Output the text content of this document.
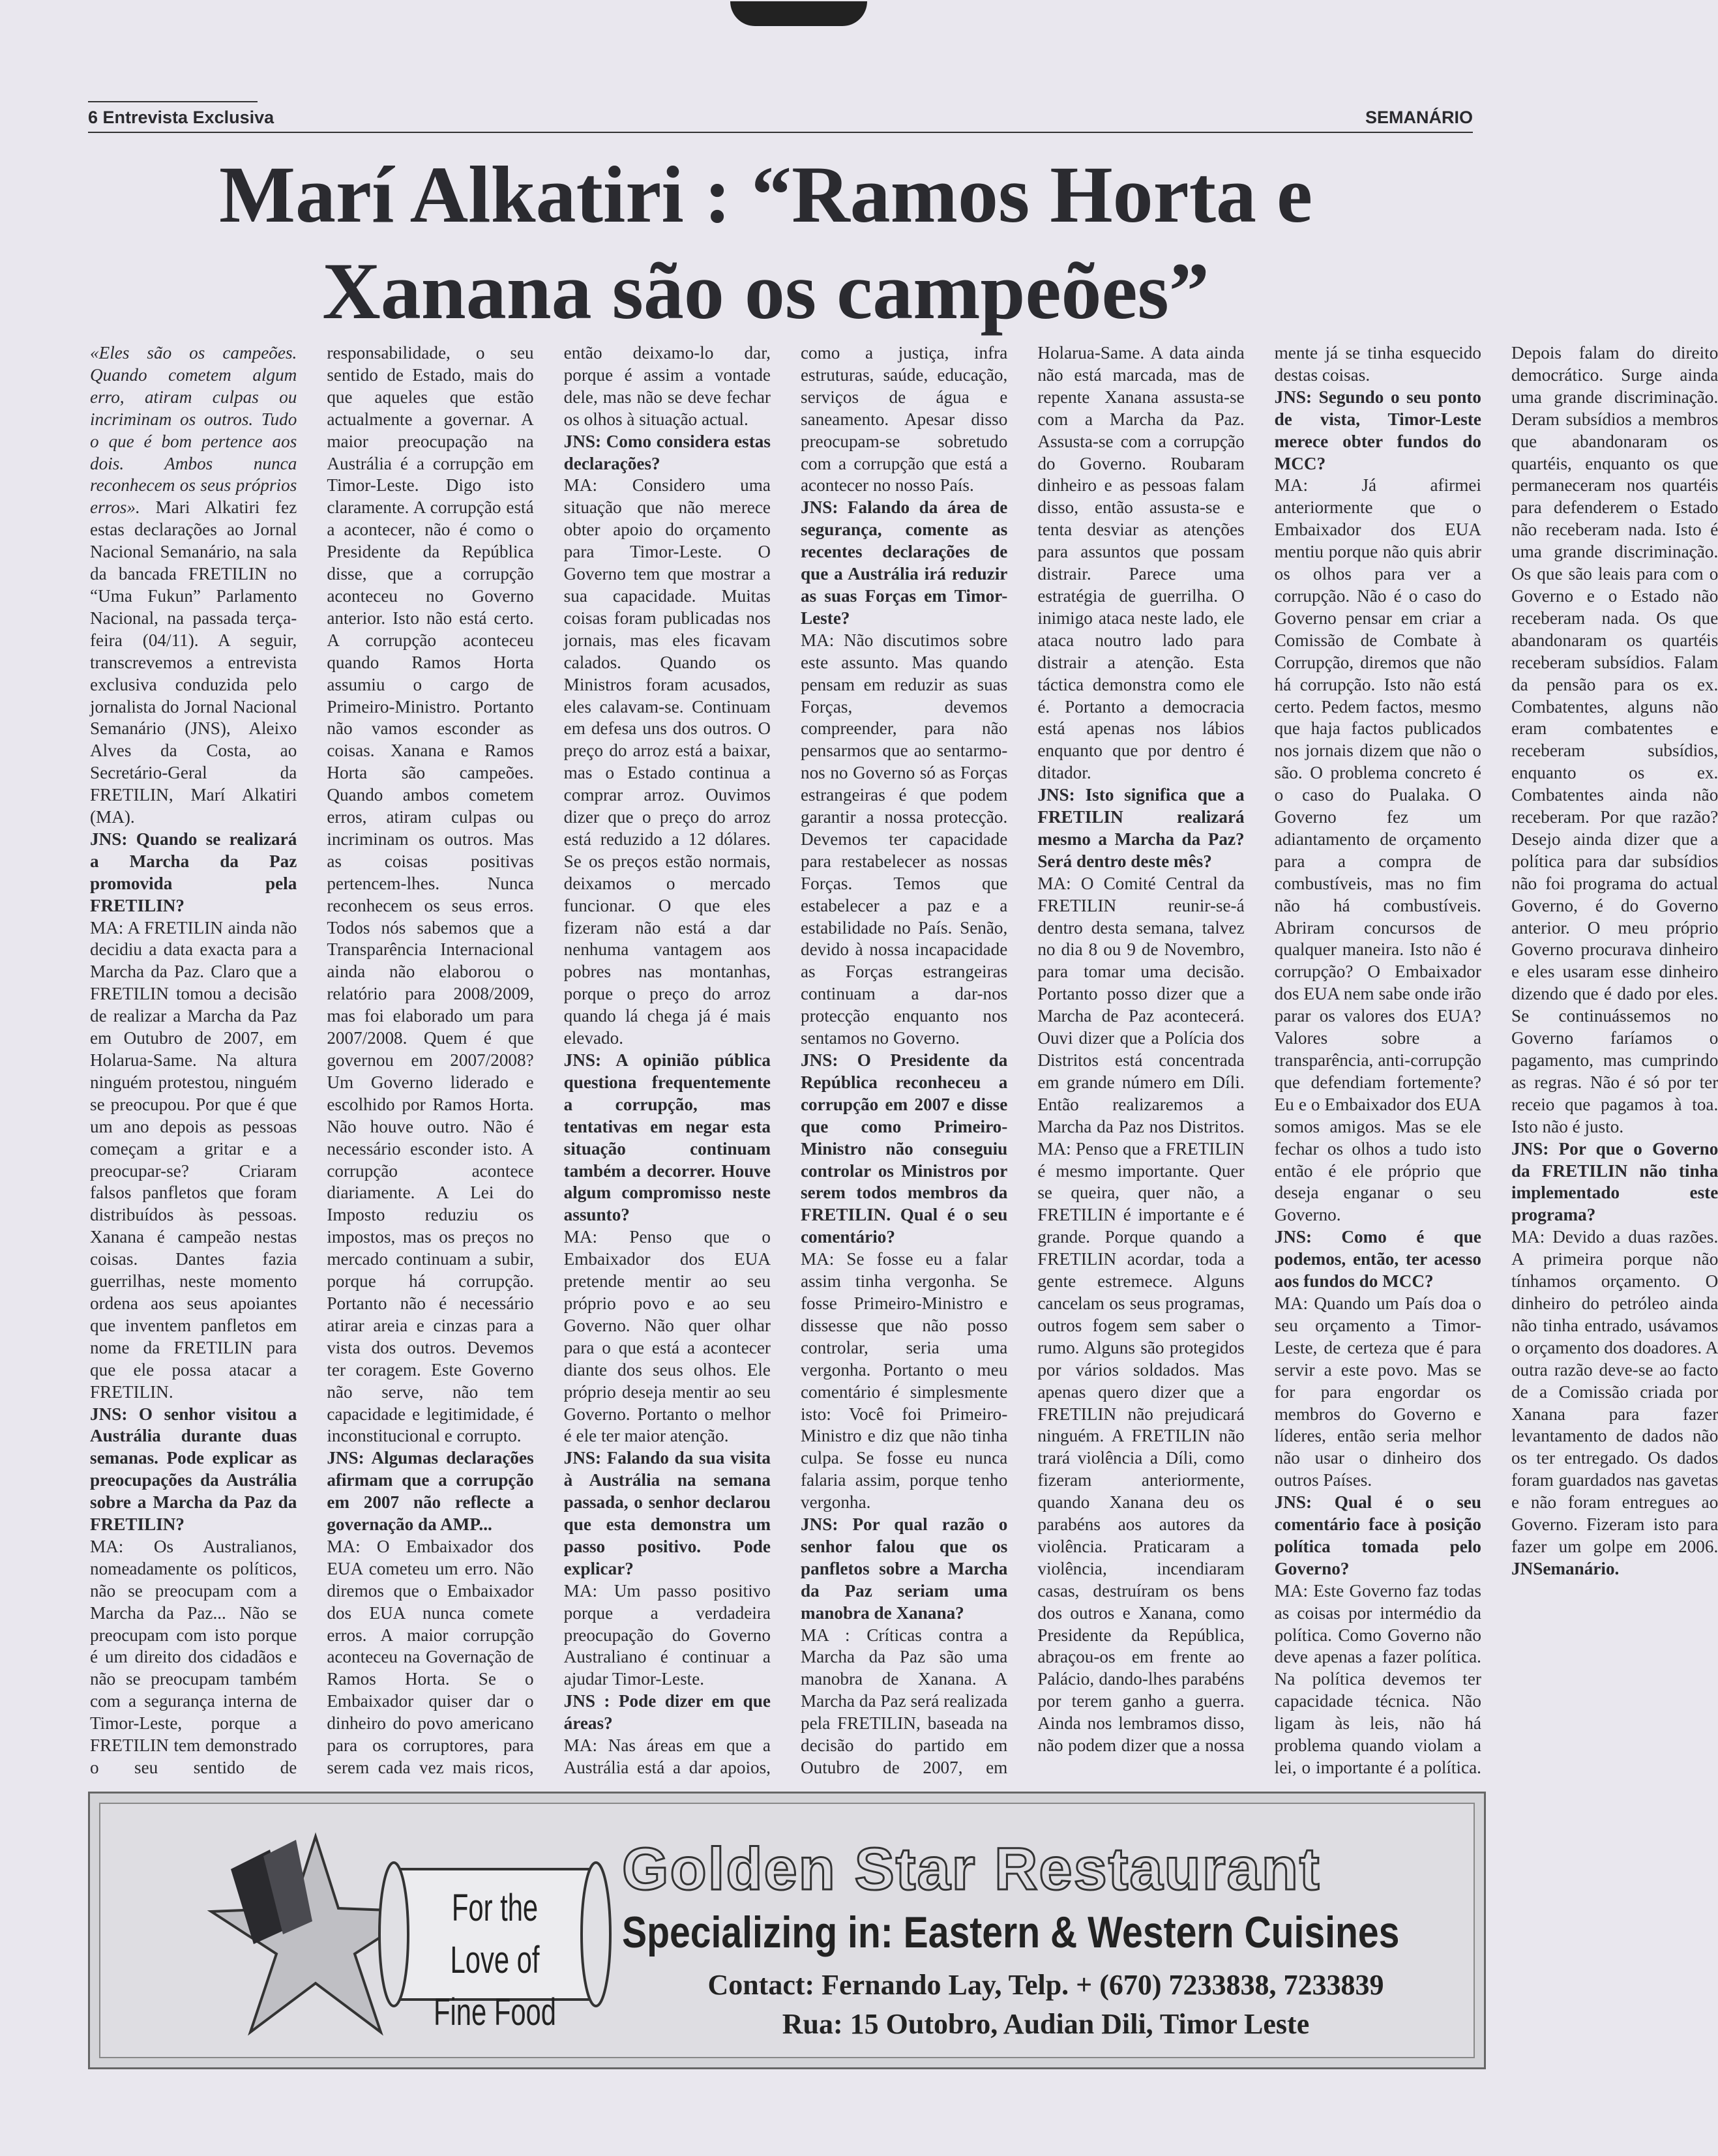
6 Entrevista Exclusiva	SEMANÁRIO
Marí Alkatiri : “Ramos Horta e
Xanana são os campeões”

«Eles são os campeões. Quando cometem algum erro, atiram culpas ou incriminam os outros. Tudo o que é bom pertence aos dois. Ambos nunca reconhecem os seus próprios erros». Mari Alkatiri fez estas declarações ao Jornal Nacional Semanário, na sala da bancada FRETILIN no “Uma Fukun” Parlamento Nacional, na passada terça-feira (04/11). A seguir, transcrevemos a entrevista exclusiva conduzida pelo jornalista do Jornal Nacional Semanário (JNS), Aleixo Alves da Costa, ao Secretário-Geral da FRETILIN, Marí Alkatiri (MA).

JNS: Quando se realizará a Marcha da Paz promovida pela FRETILIN?

MA: A FRETILIN ainda não decidiu a data exacta para a Marcha da Paz. Claro que a FRETILIN tomou a decisão de realizar a Marcha da Paz em Outubro de 2007, em Holarua-Same. Na altura ninguém protestou, ninguém se preocupou. Por que é que um ano depois as pessoas começam a gritar e a preocupar-se? Criaram falsos panfletos que foram distribuídos às pessoas. Xanana é campeão nestas coisas. Dantes fazia guerrilhas, neste momento ordena aos seus apoiantes que inventem panfletos em nome da FRETILIN para que ele possa atacar a FRETILIN.

JNS: O senhor visitou a Austrália durante duas semanas. Pode explicar as preocupações da Austrália sobre a Marcha da Paz da FRETILIN?

MA: Os Australianos, nomeadamente os políticos, não se preocupam com a Marcha da Paz... Não se preocupam com isto porque é um direito dos cidadãos e não se preocupam também com a segurança interna de Timor-Leste, porque a FRETILIN tem demonstrado o seu sentido de responsabilidade, o seu sentido de Estado, mais do que aqueles que estão actualmente a governar. A maior preocupação na Austrália é a corrupção em Timor-Leste. Digo isto claramente. A corrupção está a acontecer, não é como o Presidente da República disse, que a corrupção aconteceu no Governo anterior. Isto não está certo. A corrupção aconteceu quando Ramos Horta assumiu o cargo de Primeiro-Ministro. Portanto não vamos esconder as coisas. Xanana e Ramos Horta são campeões. Quando ambos cometem erros, atiram culpas ou incriminam os outros. Mas as coisas positivas pertencem-lhes. Nunca reconhecem os seus erros. Todos nós sabemos que a Transparência Internacional ainda não elaborou o relatório para 2008/2009, mas foi elaborado um para 2007/2008. Quem é que governou em 2007/2008? Um Governo liderado e escolhido por Ramos Horta. Não houve outro. Não é necessário esconder isto. A corrupção acontece diariamente. A Lei do Imposto reduziu os impostos, mas os preços no mercado continuam a subir, porque há corrupção. Portanto não é necessário atirar areia e cinzas para a vista dos outros. Devemos ter coragem. Este Governo não serve, não tem capacidade e legitimidade, é inconstitucional e corrupto.

JNS: Algumas declarações afirmam que a corrupção em 2007 não reflecte a governação da AMP...

MA: O Embaixador dos EUA cometeu um erro. Não diremos que o Embaixador dos EUA nunca comete erros. A maior corrupção aconteceu na Governação de Ramos Horta. Se o Embaixador quiser dar o dinheiro do povo americano para os corruptores, para serem cada vez mais ricos, então deixamo-lo dar, porque é assim a vontade dele, mas não se deve fechar os olhos à situação actual.

JNS: Como considera estas declarações?

MA: Considero uma situação que não merece obter apoio do orçamento para Timor-Leste. O Governo tem que mostrar a sua capacidade. Muitas coisas foram publicadas nos jornais, mas eles ficavam calados. Quando os Ministros foram acusados, eles calavam-se. Continuam em defesa uns dos outros. O preço do arroz está a baixar, mas o Estado continua a comprar arroz. Ouvimos dizer que o preço do arroz está reduzido a 12 dólares. Se os preços estão normais, deixamos o mercado funcionar. O que eles fizeram não está a dar nenhuma vantagem aos pobres nas montanhas, porque o preço do arroz quando lá chega já é mais elevado.

JNS: A opinião pública questiona frequentemente a corrupção, mas tentativas em negar esta situação continuam também a decorrer. Houve algum compromisso neste assunto?

MA: Penso que o Embaixador dos EUA pretende mentir ao seu próprio povo e ao seu Governo. Não quer olhar para o que está a acontecer diante dos seus olhos. Ele próprio deseja mentir ao seu Governo. Portanto o melhor é ele ter maior atenção.

JNS: Falando da sua visita à Austrália na semana passada, o senhor declarou que esta demonstra um passo positivo. Pode explicar?

MA: Um passo positivo porque a verdadeira preocupação do Governo Australiano é continuar a ajudar Timor-Leste.

JNS : Pode dizer em que áreas?

MA: Nas áreas em que a Austrália está a dar apoios, como a justiça, infra estruturas, saúde, educação, serviços de água e saneamento. Apesar disso preocupam-se sobretudo com a corrupção que está a acontecer no nosso País.

JNS: Falando da área de segurança, comente as recentes declarações de que a Austrália irá reduzir as suas Forças em Timor-Leste?

MA: Não discutimos sobre este assunto. Mas quando pensam em reduzir as suas Forças, devemos compreender, para não pensarmos que ao sentarmo-nos no Governo só as Forças estrangeiras é que podem garantir a nossa protecção. Devemos ter capacidade para restabelecer as nossas Forças. Temos que estabelecer a paz e a estabilidade no País. Senão, devido à nossa incapacidade as Forças estrangeiras continuam a dar-nos protecção enquanto nos sentamos no Governo.

JNS: O Presidente da República reconheceu a corrupção em 2007 e disse que como Primeiro-Ministro não conseguiu controlar os Ministros por serem todos membros da FRETILIN. Qual é o seu comentário?

MA: Se fosse eu a falar assim tinha vergonha. Se fosse Primeiro-Ministro e dissesse que não posso controlar, seria uma vergonha. Portanto o meu comentário é simplesmente isto: Você foi Primeiro-Ministro e diz que não tinha culpa. Se fosse eu nunca falaria assim, porque tenho vergonha.

JNS: Por qual razão o senhor falou que os panfletos sobre a Marcha da Paz seriam uma manobra de Xanana?

MA : Críticas contra a Marcha da Paz são uma manobra de Xanana. A Marcha da Paz será realizada pela FRETILIN, baseada na decisão do partido em Outubro de 2007, em Holarua-Same. A data ainda não está marcada, mas de repente Xanana assusta-se com a Marcha da Paz. Assusta-se com a corrupção do Governo. Roubaram dinheiro e as pessoas falam disso, então assusta-se e tenta desviar as atenções para assuntos que possam distrair. Parece uma estratégia de guerrilha. O inimigo ataca neste lado, ele ataca noutro lado para distrair a atenção. Esta táctica demonstra como ele é. Portanto a democracia está apenas nos lábios enquanto que por dentro é ditador.

JNS: Isto significa que a FRETILIN realizará mesmo a Marcha da Paz? Será dentro deste mês?

MA: O Comité Central da FRETILIN reunir-se-á dentro desta semana, talvez no dia 8 ou 9 de Novembro, para tomar uma decisão. Portanto posso dizer que a Marcha de Paz acontecerá. Ouvi dizer que a Polícia dos Distritos está concentrada em grande número em Díli. Então realizaremos a Marcha da Paz nos Distritos. MA: Penso que a FRETILIN é mesmo importante. Quer se queira, quer não, a FRETILIN é importante e é grande. Porque quando a FRETILIN acordar, toda a gente estremece. Alguns cancelam os seus programas, outros fogem sem saber o rumo. Alguns são protegidos por vários soldados. Mas apenas quero dizer que a FRETILIN não prejudicará ninguém. A FRETILIN não trará violência a Díli, como fizeram anteriormente, quando Xanana deu os parabéns aos autores da violência. Praticaram a violência, incendiaram casas, destruíram os bens dos outros e Xanana, como Presidente da República, abraçou-os em frente ao Palácio, dando-lhes parabéns por terem ganho a guerra. Ainda nos lembramos disso, não podem dizer que a nossa mente já se tinha esquecido destas coisas.

JNS: Segundo o seu ponto de vista, Timor-Leste merece obter fundos do MCC?

MA: Já afirmei anteriormente que o Embaixador dos EUA mentiu porque não quis abrir os olhos para ver a corrupção. Não é o caso do Governo pensar em criar a Comissão de Combate à Corrupção, diremos que não há corrupção. Isto não está certo. Pedem factos, mesmo que haja factos publicados nos jornais dizem que não o são. O problema concreto é o caso do Pualaka. O Governo fez um adiantamento de orçamento para a compra de combustíveis, mas no fim não há combustíveis. Abriram concursos de qualquer maneira. Isto não é corrupção? O Embaixador dos EUA nem sabe onde irão parar os valores dos EUA? Valores sobre a transparência, anti-corrupção que defendiam fortemente? Eu e o Embaixador dos EUA somos amigos. Mas se ele fechar os olhos a tudo isto então é ele próprio que deseja enganar o seu Governo.

JNS: Como é que podemos, então, ter acesso aos fundos do MCC?

MA: Quando um País doa o seu orçamento a Timor-Leste, de certeza que é para servir a este povo. Mas se for para engordar os membros do Governo e líderes, então seria melhor não usar o dinheiro dos outros Países.

JNS: Qual é o seu comentário face à posição política tomada pelo Governo?

MA: Este Governo faz todas as coisas por intermédio da política. Como Governo não deve apenas a fazer política. Na política devemos ter capacidade técnica. Não ligam às leis, não há problema quando violam a lei, o importante é a política. Depois falam do direito democrático. Surge ainda uma grande discriminação. Deram subsídios a membros que abandonaram os quartéis, enquanto os que permaneceram nos quartéis para defenderem o Estado não receberam nada. Isto é uma grande discriminação. Os que são leais para com o Governo e o Estado não receberam nada. Os que abandonaram os quartéis receberam subsídios. Falam da pensão para os ex. Combatentes, alguns não eram combatentes e receberam subsídios, enquanto os ex. Combatentes ainda não receberam. Por que razão? Desejo ainda dizer que a política para dar subsídios não foi programa do actual Governo, é do Governo anterior. O meu próprio Governo procurava dinheiro e eles usaram esse dinheiro dizendo que é dado por eles. Se continuássemos no Governo faríamos o pagamento, mas cumprindo as regras. Não é só por ter receio que pagamos à toa. Isto não é justo.

JNS: Por que o Governo da FRETILIN não tinha implementado este programa?

MA: Devido a duas razões. A primeira porque não tínhamos orçamento. O dinheiro do petróleo ainda não tinha entrado, usávamos o orçamento dos doadores. A outra razão deve-se ao facto de a Comissão criada por Xanana para fazer levantamento de dados não os ter entregado. Os dados foram guardados nas gavetas e não foram entregues ao Governo. Fizeram isto para fazer um golpe em 2006. JNSemanário.

For the Love of
Fine Food
Golden Star Restaurant
Specializing in: Eastern & Western Cuisines
Contact: Fernando Lay, Telp. + (670) 7233838, 7233839
Rua: 15 Outobro, Audian Dili, Timor Leste
